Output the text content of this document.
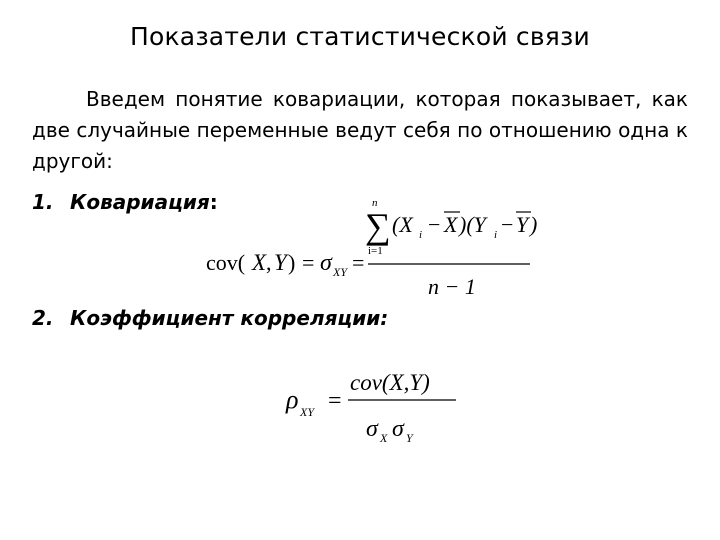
Показатели статистической связи
Введем понятие ковариации, которая показывает, как две случайные переменные ведут себя по отношению одна к другой:
1. Ковариация:
cov( X , Y ) = σ XY =
n
∑
i=1
(X i − X )(Y i − Y )
n − 1
2. Коэффициент корреляции:
ρ XY =
cov(X,Y)
σ X σ Y
